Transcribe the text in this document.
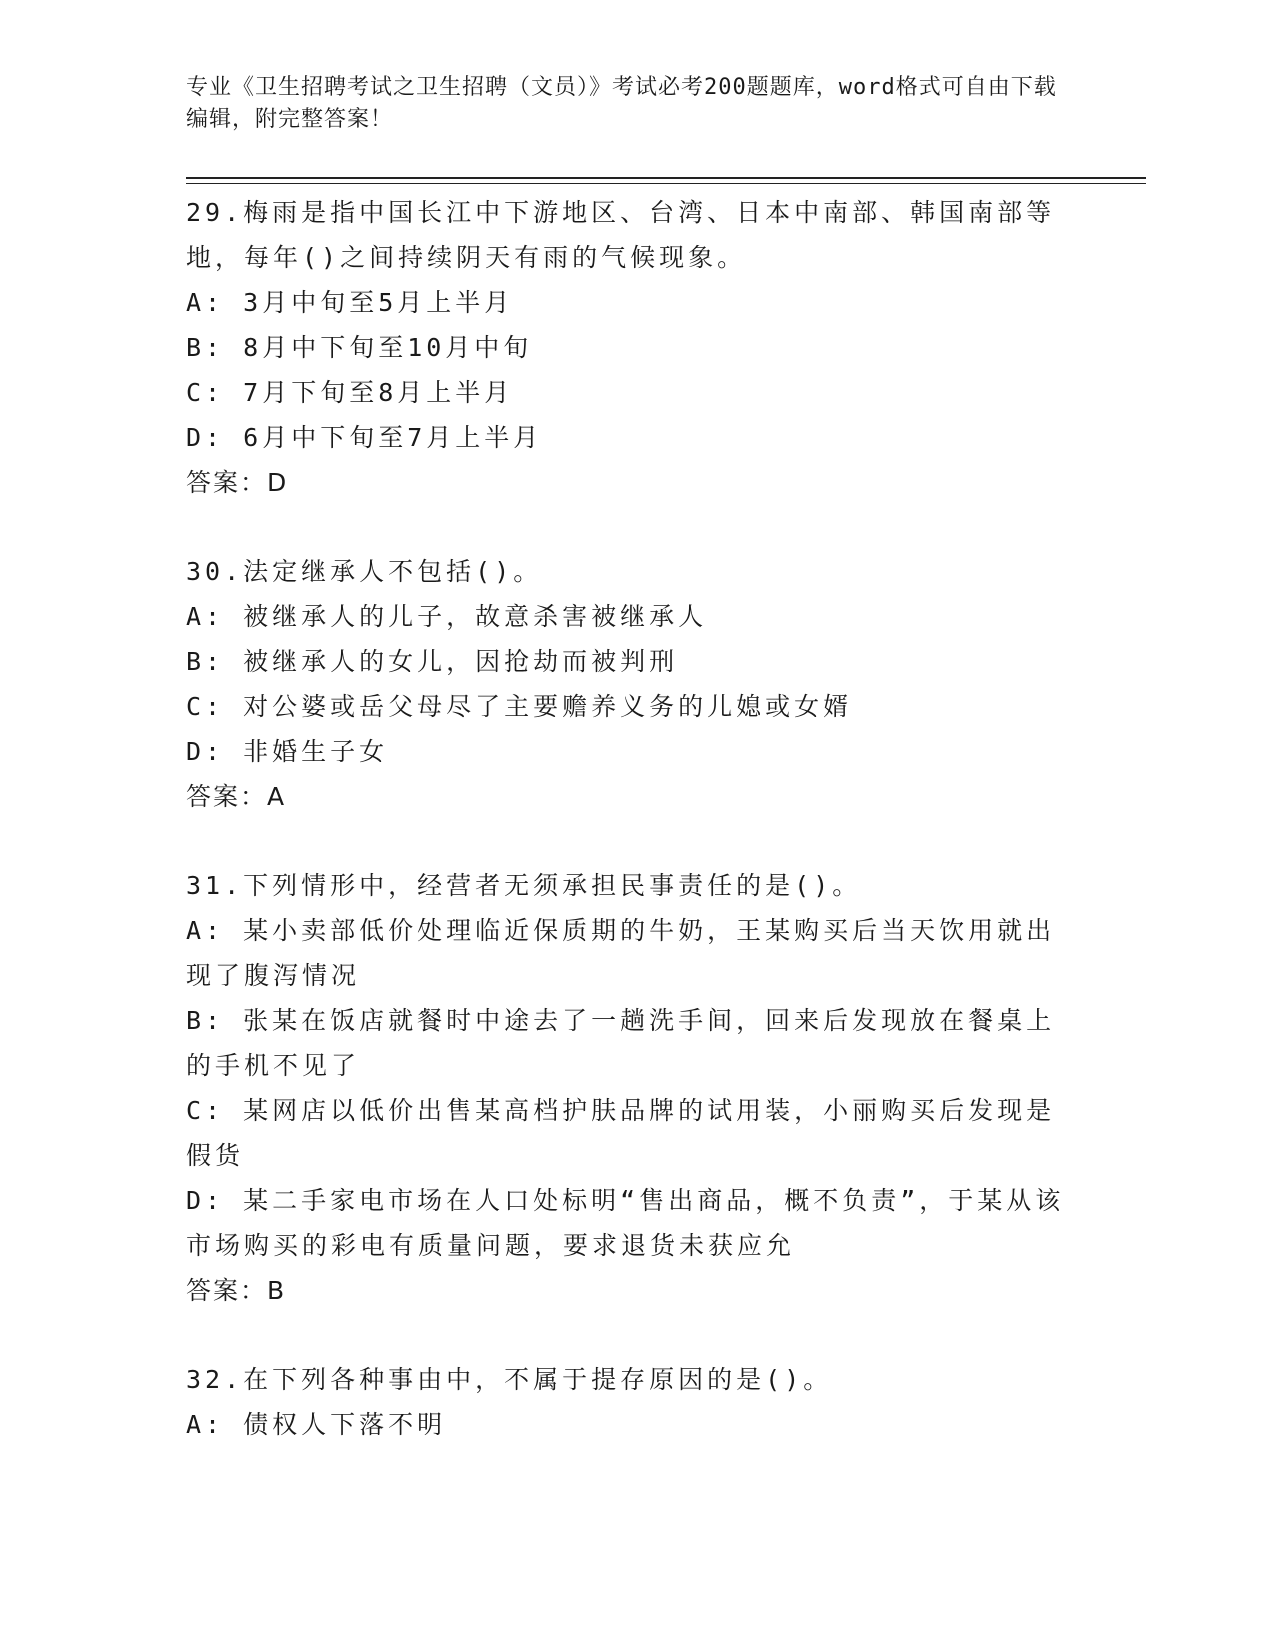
专业《卫生招聘考试之卫生招聘（文员）》考试必考200题题库，word格式可自由下载编辑，附完整答案！
29.梅雨是指中国长江中下游地区、台湾、日本中南部、韩国南部等地，每年()之间持续阴天有雨的气候现象。
A: 3月中旬至5月上半月
B: 8月中下旬至10月中旬
C: 7月下旬至8月上半月
D: 6月中下旬至7月上半月
答案：D
30.法定继承人不包括()。
A: 被继承人的儿子，故意杀害被继承人
B: 被继承人的女儿，因抢劫而被判刑
C: 对公婆或岳父母尽了主要赡养义务的儿媳或女婿
D: 非婚生子女
答案：A
31.下列情形中，经营者无须承担民事责任的是()。
A: 某小卖部低价处理临近保质期的牛奶，王某购买后当天饮用就出现了腹泻情况
B: 张某在饭店就餐时中途去了一趟洗手间，回来后发现放在餐桌上的手机不见了
C: 某网店以低价出售某高档护肤品牌的试用装，小丽购买后发现是假货
D: 某二手家电市场在人口处标明“售出商品，概不负责”，于某从该市场购买的彩电有质量问题，要求退货未获应允
答案：B
32.在下列各种事由中，不属于提存原因的是()。
A: 债权人下落不明
